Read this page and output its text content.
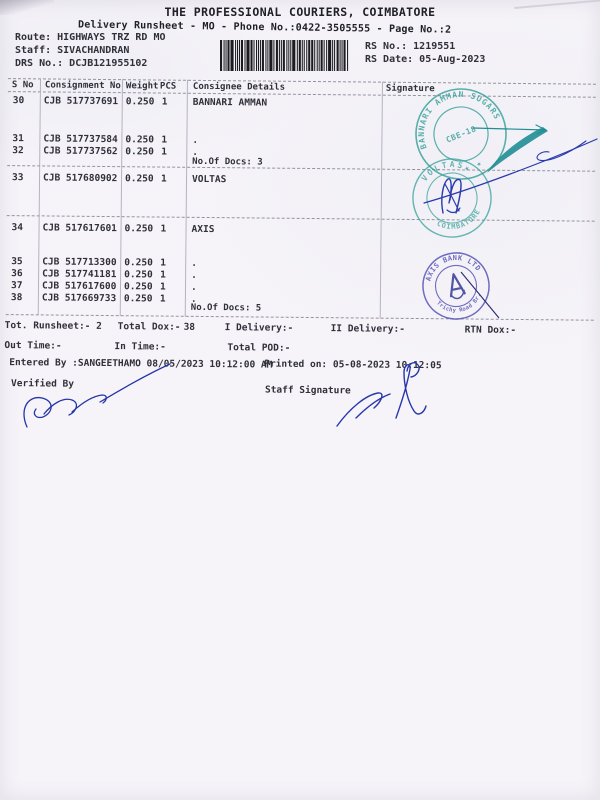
THE PROFESSIONAL COURIERS, COIMBATORE
Delivery Runsheet - MO - Phone No.:0422-3505555 - Page No.:2
Route: HIGHWAYS TRZ RD MO
Staff: SIVACHANDRAN
DRS No.: DCJB121955102
RS No.: 1219551
RS Date: 05-Aug-2023
S No Consignment No Weight PCS Consignee Details	Signature
30 CJB 517737691 0.250 1	BANNARI AMMAN
31 CJB 517737584 0.250 1	.
32 CJB 517737562 0.250 1	.
33 CJB 517680902 0.250 1	VOLTAS
34 CJB 517617601 0.250 1	AXIS
35 CJB 517713300 0.250 1	.
36 CJB 517741181 0.250 1	.
37 CJB 517617600 0.250 1	.
38 CJB 517669733 0.250 1	.
No.Of Docs: 3
No.Of Docs: 5
Tot. Runsheet:- 2 Total Dox:- 38	I Delivery:-	II Delivery:-	RTN Dox:-
Out Time:-	In Time:-	Total POD:-
Entered By :SANGEETHAMO 08/05/2023 10:12:00 AM
Printed on: 05-08-2023 10:12:05
Verified By
Staff Signature
BANNARI AMMAN SUGARS
★ ★
CBE-18
VOLTAS
COIMBATORE
AXIS BANK LTD
Trichy Road Br.
